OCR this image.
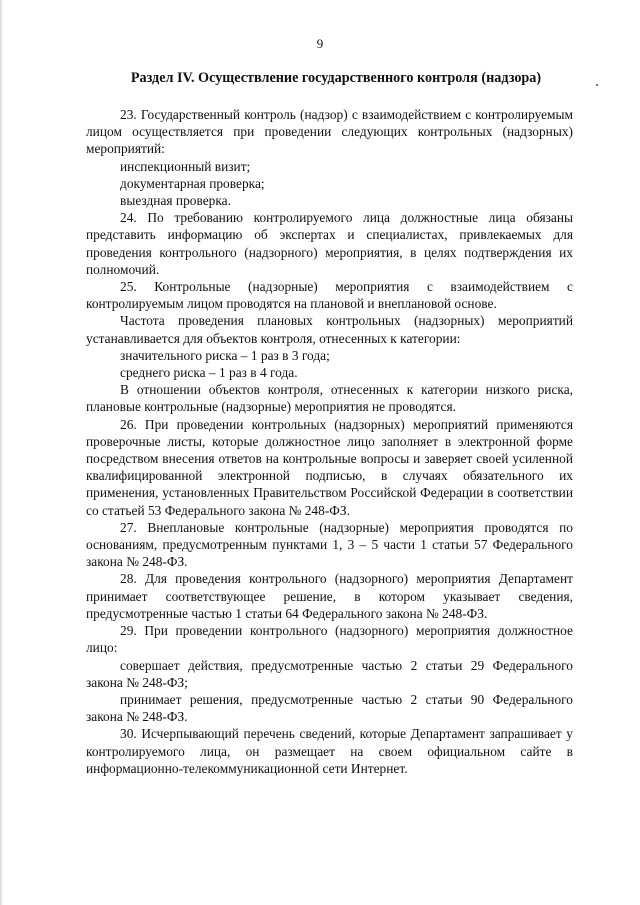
9
Раздел IV. Осуществление государственного контроля (надзора)

23. Государственный контроль (надзор) с взаимодействием с контролируемым лицом осуществляется при проведении следующих контрольных (надзорных) мероприятий:

инспекционный визит;

документарная проверка;

выездная проверка.

24. По требованию контролируемого лица должностные лица обязаны представить информацию об экспертах и специалистах, привлекаемых для проведения контрольного (надзорного) мероприятия, в целях подтверждения их полномочий.

25. Контрольные (надзорные) мероприятия с взаимодействием с контролируемым лицом проводятся на плановой и внеплановой основе.

Частота проведения плановых контрольных (надзорных) мероприятий устанавливается для объектов контроля, отнесенных к категории:

значительного риска – 1 раз в 3 года;

среднего риска – 1 раз в 4 года.

В отношении объектов контроля, отнесенных к категории низкого риска, плановые контрольные (надзорные) мероприятия не проводятся.

26. При проведении контрольных (надзорных) мероприятий применяются проверочные листы, которые должностное лицо заполняет в электронной форме посредством внесения ответов на контрольные вопросы и заверяет своей усиленной квалифицированной электронной подписью, в случаях обязательного их применения, установленных Правительством Российской Федерации в соответствии со статьей 53 Федерального закона № 248-ФЗ.

27. Внеплановые контрольные (надзорные) мероприятия проводятся по основаниям, предусмотренным пунктами 1, 3 – 5 части 1 статьи 57 Федерального закона № 248-ФЗ.

28. Для проведения контрольного (надзорного) мероприятия Департамент принимает соответствующее решение, в котором указывает сведения, предусмотренные частью 1 статьи 64 Федерального закона № 248-ФЗ.

29. При проведении контрольного (надзорного) мероприятия должностное лицо:

совершает действия, предусмотренные частью 2 статьи 29 Федерального закона № 248-ФЗ;

принимает решения, предусмотренные частью 2 статьи 90 Федерального закона № 248-ФЗ.

30. Исчерпывающий перечень сведений, которые Департамент запрашивает у контролируемого лица, он размещает на своем официальном сайте в информационно-телекоммуникационной сети Интернет.
